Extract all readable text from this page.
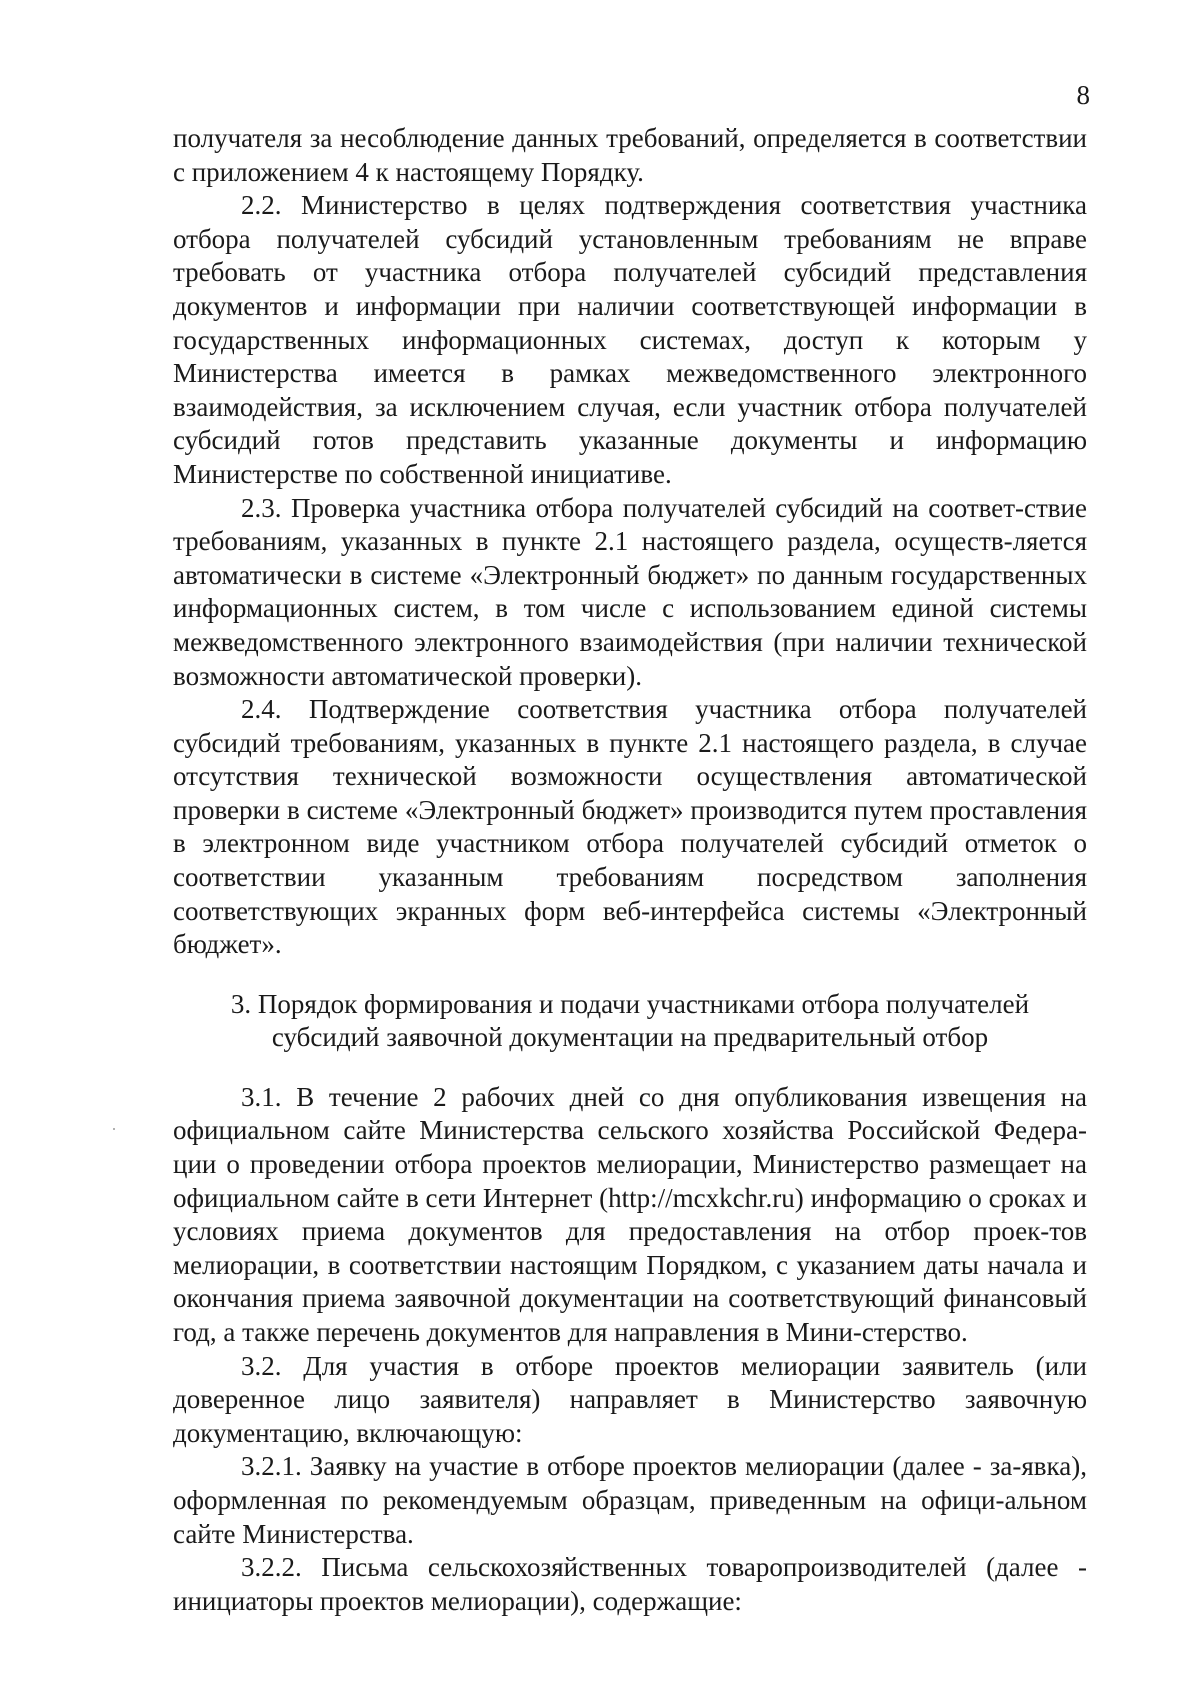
8

получателя за несоблюдение данных требований, определяется в соответствии с приложением 4 к настоящему Порядку.

2.2. Министерство в целях подтверждения соответствия участника отбора получателей субсидий установленным требованиям не вправе требовать от участника отбора получателей субсидий представления документов и информации при наличии соответствующей информации в государственных информационных системах, доступ к которым у Министерства имеется в рамках межведомственного электронного взаимодействия, за исключением случая, если участник отбора получателей субсидий готов представить указанные документы и информацию Министерстве по собственной инициативе.

2.3. Проверка участника отбора получателей субсидий на соответ-ствие требованиям, указанных в пункте 2.1 настоящего раздела, осуществ-ляется автоматически в системе «Электронный бюджет» по данным государственных информационных систем, в том числе с использованием единой системы межведомственного электронного взаимодействия (при наличии технической возможности автоматической проверки).

2.4. Подтверждение соответствия участника отбора получателей субсидий требованиям, указанных в пункте 2.1 настоящего раздела, в случае отсутствия технической возможности осуществления автоматической проверки в системе «Электронный бюджет» производится путем проставления в электронном виде участником отбора получателей субсидий отметок о соответствии указанным требованиям посредством заполнения соответствующих экранных форм веб-интерфейса системы «Электронный бюджет».

3. Порядок формирования и подачи участниками отбора получателей
субсидий заявочной документации на предварительный отбор

3.1. В течение 2 рабочих дней со дня опубликования извещения на официальном сайте Министерства сельского хозяйства Российской Федера-ции о проведении отбора проектов мелиорации, Министерство размещает на официальном сайте в сети Интернет (http://mcxkchr.ru) информацию о сроках и условиях приема документов для предоставления на отбор проек-тов мелиорации, в соответствии настоящим Порядком, с указанием даты начала и окончания приема заявочной документации на соответствующий финансовый год, а также перечень документов для направления в Мини-стерство.

3.2. Для участия в отборе проектов мелиорации заявитель (или доверенное лицо заявителя) направляет в Министерство заявочную документацию, включающую:

3.2.1. Заявку на участие в отборе проектов мелиорации (далее - за-явка), оформленная по рекомендуемым образцам, приведенным на офици-альном сайте Министерства.

3.2.2. Письма сельскохозяйственных товаропроизводителей (далее - инициаторы проектов мелиорации), содержащие:
